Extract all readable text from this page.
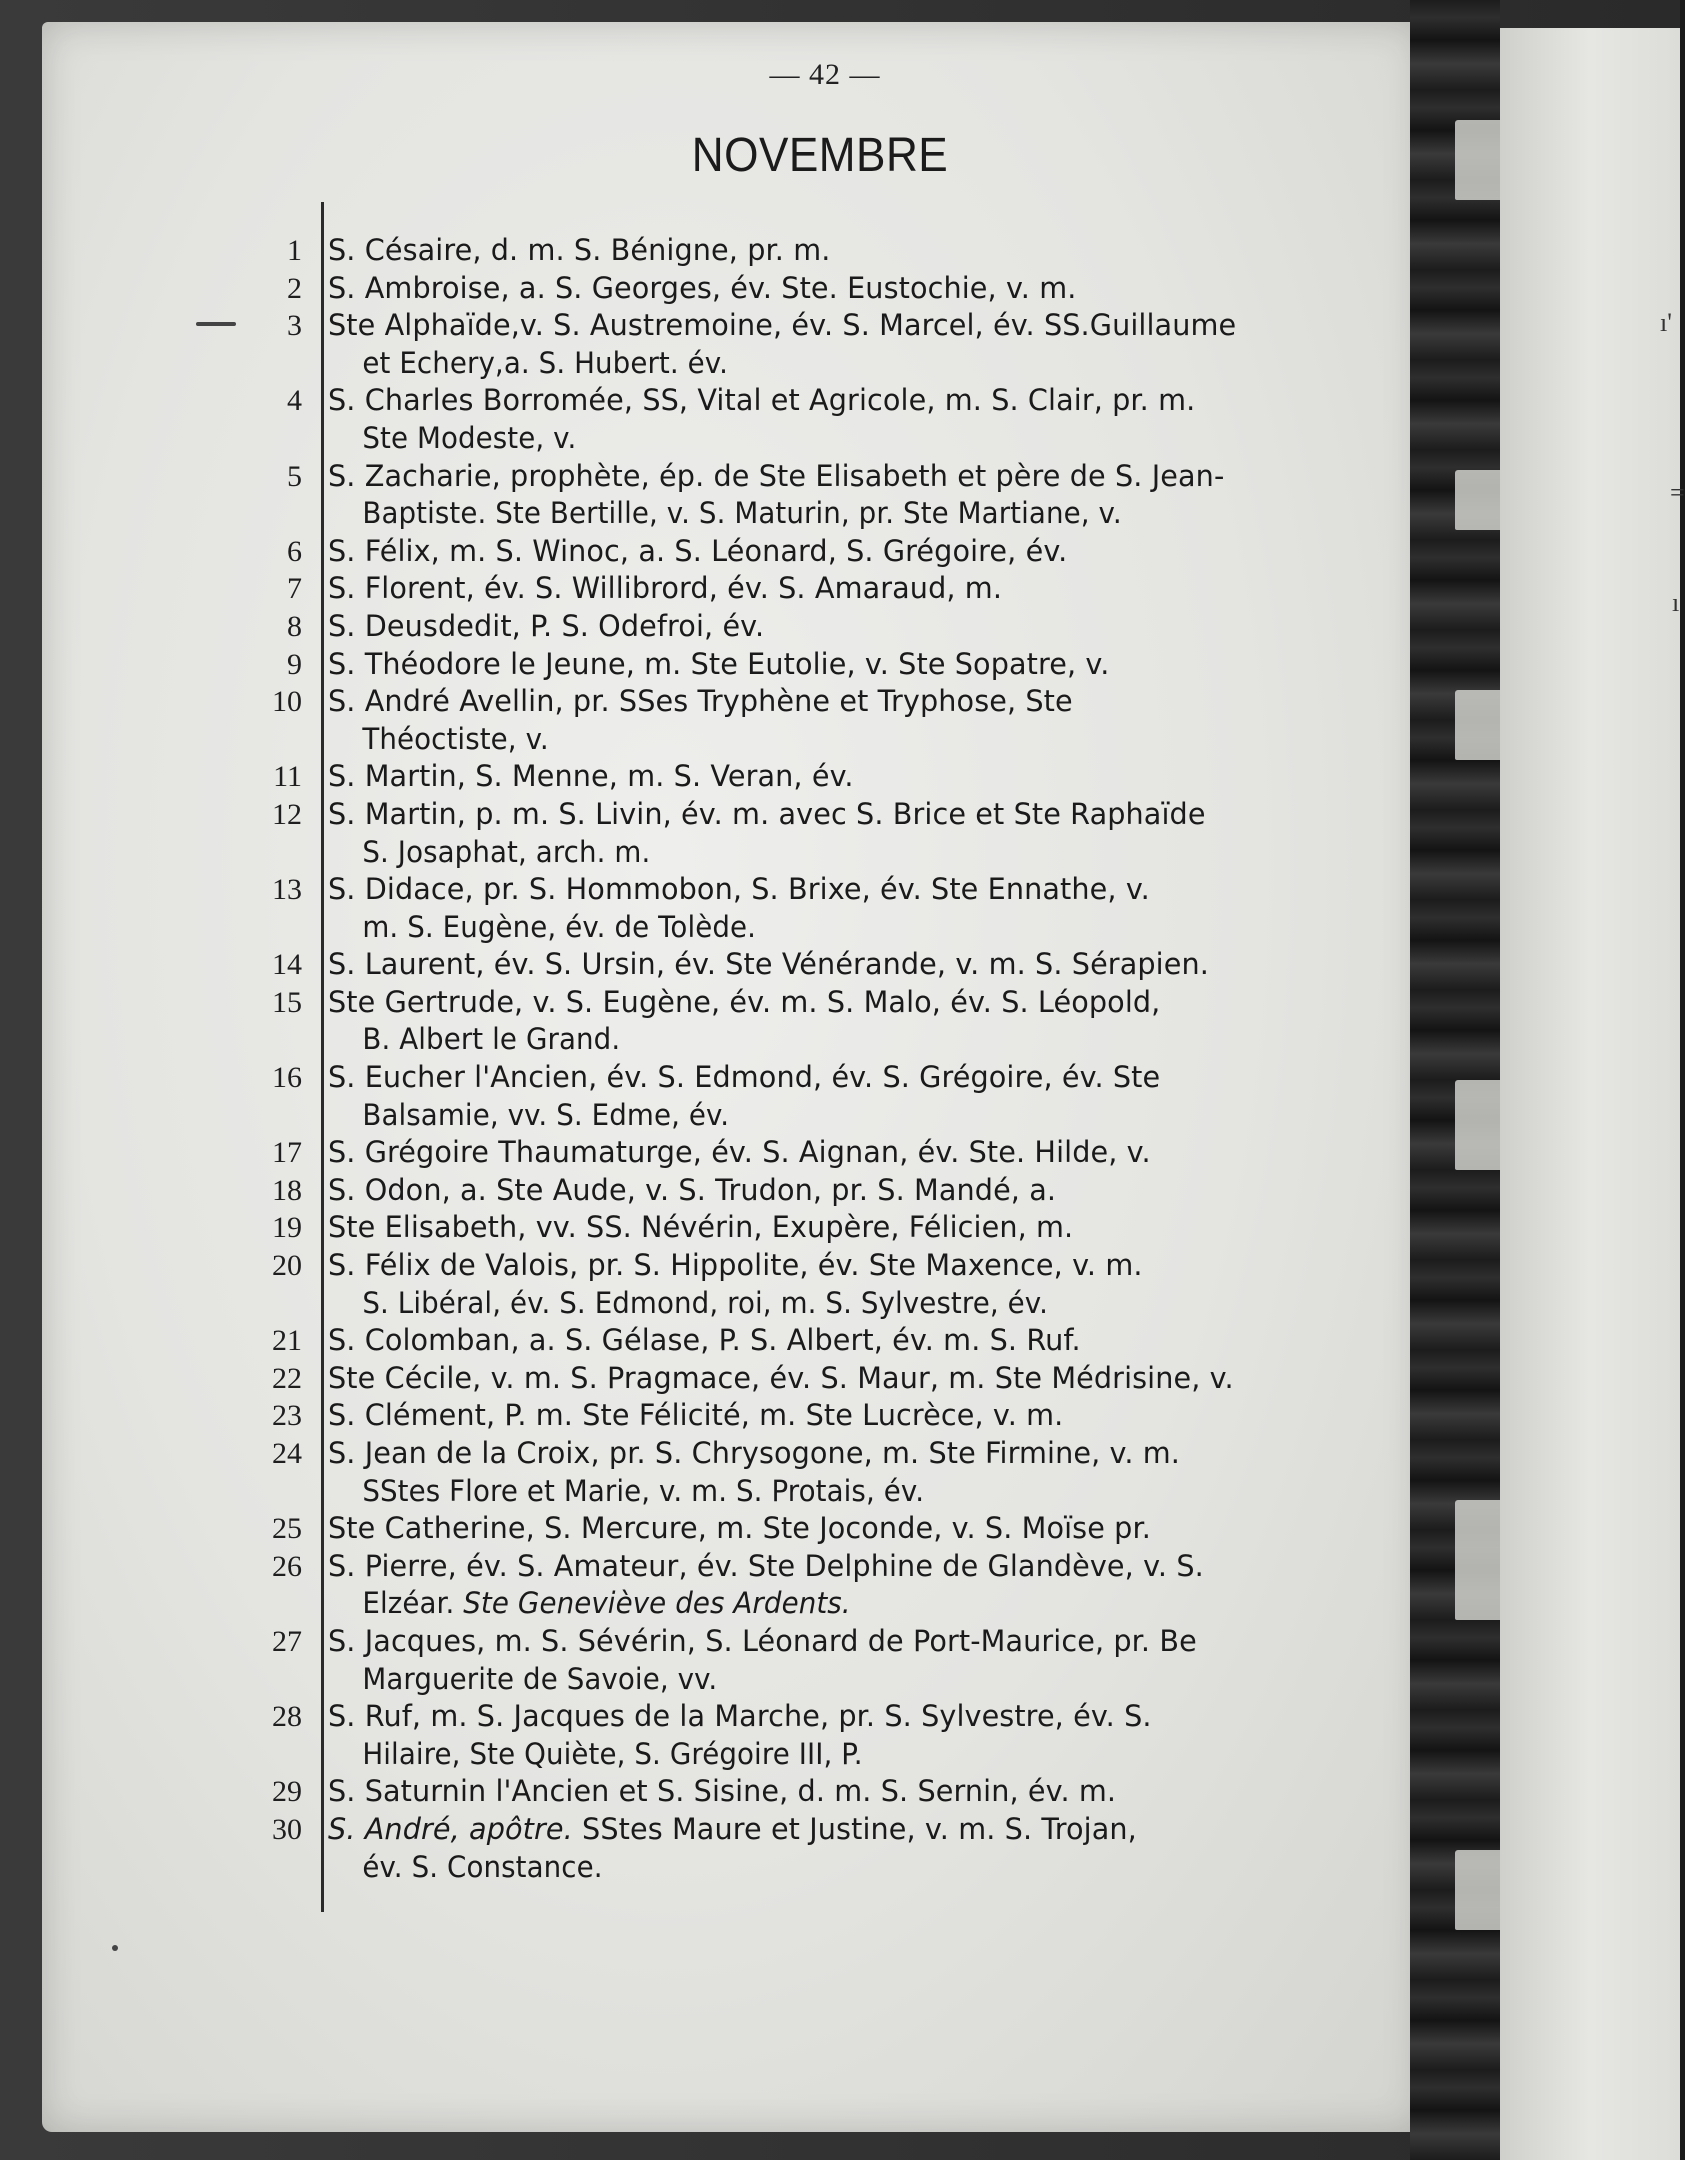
ı'
=
ı
— 42 —
NOVEMBRE
1 S. Césaire, d. m. S. Bénigne, pr. m.
2 S. Ambroise, a. S. Georges, év. Ste. Eustochie, v. m.
3 Ste Alphaïde,v. S. Austremoine, év. S. Marcel, év. SS.Guillaume
et Echery,a. S. Hubert. év.
4 S. Charles Borromée, SS, Vital et Agricole, m. S. Clair, pr. m.
Ste Modeste, v.
5 S. Zacharie, prophète, ép. de Ste Elisabeth et père de S. Jean-
Baptiste. Ste Bertille, v. S. Maturin, pr. Ste Martiane, v.
6 S. Félix, m. S. Winoc, a. S. Léonard, S. Grégoire, év.
7 S. Florent, év. S. Willibrord, év. S. Amaraud, m.
8 S. Deusdedit, P. S. Odefroi, év.
9 S. Théodore le Jeune, m. Ste Eutolie, v. Ste Sopatre, v.
10 S. André Avellin, pr. SSes Tryphène et Tryphose, Ste
Théoctiste, v.
11 S. Martin, S. Menne, m. S. Veran, év.
12 S. Martin, p. m. S. Livin, év. m. avec S. Brice et Ste Raphaïde
S. Josaphat, arch. m.
13 S. Didace, pr. S. Hommobon, S. Brixe, év. Ste Ennathe, v.
m. S. Eugène, év. de Tolède.
14 S. Laurent, év. S. Ursin, év. Ste Vénérande, v. m. S. Sérapien.
15 Ste Gertrude, v. S. Eugène, év. m. S. Malo, év. S. Léopold,
B. Albert le Grand.
16 S. Eucher l'Ancien, év. S. Edmond, év. S. Grégoire, év. Ste
Balsamie, vv. S. Edme, év.
17 S. Grégoire Thaumaturge, év. S. Aignan, év. Ste. Hilde, v.
18 S. Odon, a. Ste Aude, v. S. Trudon, pr. S. Mandé, a.
19 Ste Elisabeth, vv. SS. Névérin, Exupère, Félicien, m.
20 S. Félix de Valois, pr. S. Hippolite, év. Ste Maxence, v. m.
S. Libéral, év. S. Edmond, roi, m. S. Sylvestre, év.
21 S. Colomban, a. S. Gélase, P. S. Albert, év. m. S. Ruf.
22 Ste Cécile, v. m. S. Pragmace, év. S. Maur, m. Ste Médrisine, v.
23 S. Clément, P. m. Ste Félicité, m. Ste Lucrèce, v. m.
24 S. Jean de la Croix, pr. S. Chrysogone, m. Ste Firmine, v. m.
SStes Flore et Marie, v. m. S. Protais, év.
25 Ste Catherine, S. Mercure, m. Ste Joconde, v. S. Moïse pr.
26 S. Pierre, év. S. Amateur, év. Ste Delphine de Glandève, v. S.
Elzéar. Ste Geneviève des Ardents.
27 S. Jacques, m. S. Sévérin, S. Léonard de Port-Maurice, pr. Be
Marguerite de Savoie, vv.
28 S. Ruf, m. S. Jacques de la Marche, pr. S. Sylvestre, év. S.
Hilaire, Ste Quiète, S. Grégoire III, P.
29 S. Saturnin l'Ancien et S. Sisine, d. m. S. Sernin, év. m.
30 S. André, apôtre. SStes Maure et Justine, v. m. S. Trojan,
év. S. Constance.
